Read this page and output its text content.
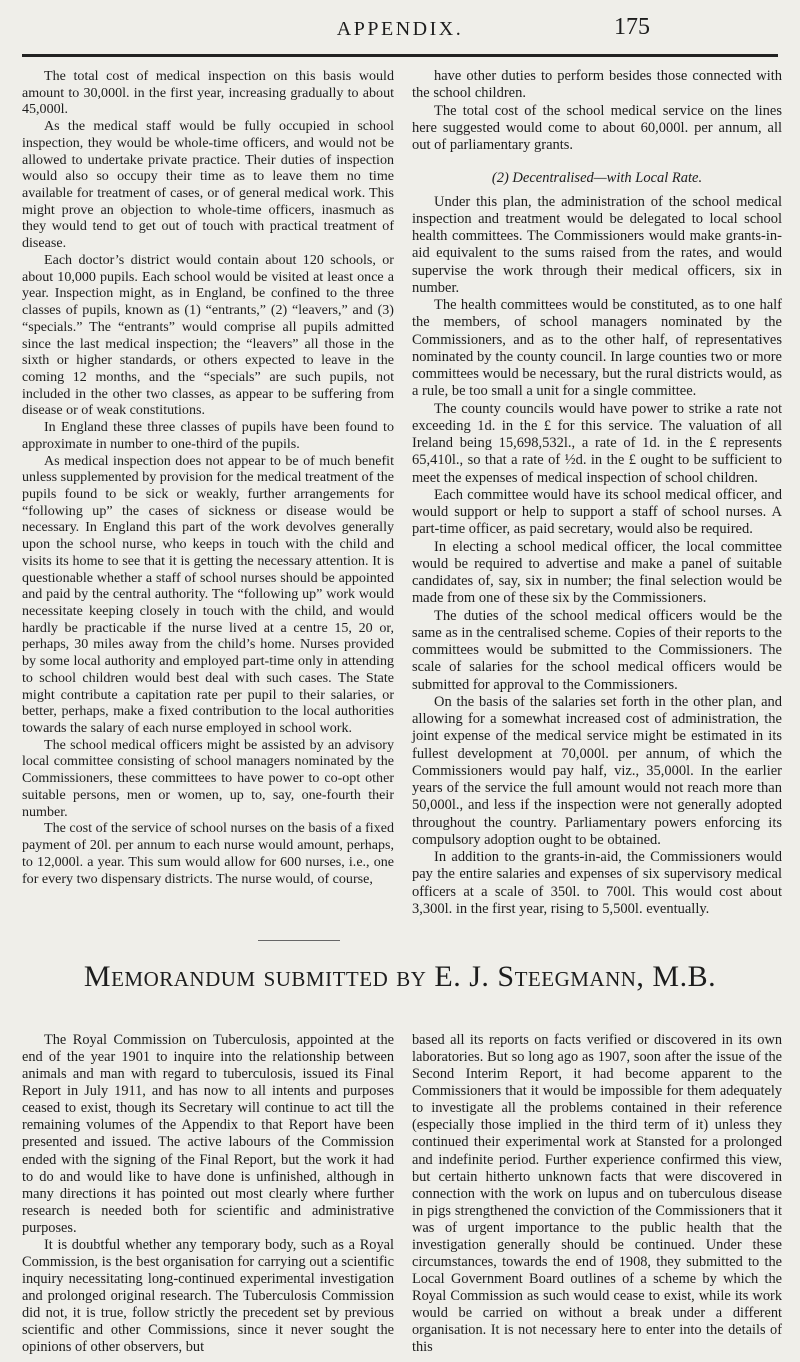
APPENDIX.	175

The total cost of medical inspection on this basis would amount to 30,000l. in the first year, increasing gradually to about 45,000l.

As the medical staff would be fully occupied in school inspection, they would be whole-time officers, and would not be allowed to undertake private practice. Their duties of inspection would also so occupy their time as to leave them no time available for treatment of cases, or of general medical work. This might prove an objection to whole-time officers, inasmuch as they would tend to get out of touch with practical treatment of disease.

Each doctor’s district would contain about 120 schools, or about 10,000 pupils. Each school would be visited at least once a year. Inspection might, as in England, be confined to the three classes of pupils, known as (1) “entrants,” (2) “leavers,” and (3) “specials.” The “entrants” would comprise all pupils admitted since the last medical inspection; the “leavers” all those in the sixth or higher standards, or others expected to leave in the coming 12 months, and the “specials” are such pupils, not included in the other two classes, as appear to be suffering from disease or of weak constitutions.

In England these three classes of pupils have been found to approximate in number to one-third of the pupils.

As medical inspection does not appear to be of much benefit unless supplemented by provision for the medical treatment of the pupils found to be sick or weakly, further arrangements for “following up” the cases of sickness or disease would be necessary. In England this part of the work devolves generally upon the school nurse, who keeps in touch with the child and visits its home to see that it is getting the necessary attention. It is questionable whether a staff of school nurses should be appointed and paid by the central authority. The “following up” work would necessitate keeping closely in touch with the child, and would hardly be practicable if the nurse lived at a centre 15, 20 or, perhaps, 30 miles away from the child’s home. Nurses provided by some local authority and employed part-time only in attending to school children would best deal with such cases. The State might contribute a capitation rate per pupil to their salaries, or better, perhaps, make a fixed contribution to the local authorities towards the salary of each nurse employed in school work.

The school medical officers might be assisted by an advisory local committee consisting of school managers nominated by the Commissioners, these committees to have power to co-opt other suitable persons, men or women, up to, say, one-fourth their number.

The cost of the service of school nurses on the basis of a fixed payment of 20l. per annum to each nurse would amount, perhaps, to 12,000l. a year. This sum would allow for 600 nurses, i.e., one for every two dispensary districts. The nurse would, of course,

have other duties to perform besides those connected with the school children.

The total cost of the school medical service on the lines here suggested would come to about 60,000l. per annum, all out of parliamentary grants.

(2) Decentralised—with Local Rate.

Under this plan, the administration of the school medical inspection and treatment would be delegated to local school health committees. The Commissioners would make grants-in-aid equivalent to the sums raised from the rates, and would supervise the work through their medical officers, six in number.

The health committees would be constituted, as to one half the members, of school managers nominated by the Commissioners, and as to the other half, of representatives nominated by the county council. In large counties two or more committees would be necessary, but the rural districts would, as a rule, be too small a unit for a single committee.

The county councils would have power to strike a rate not exceeding 1d. in the £ for this service. The valuation of all Ireland being 15,698,532l., a rate of 1d. in the £ represents 65,410l., so that a rate of ½d. in the £ ought to be sufficient to meet the expenses of medical inspection of school children.

Each committee would have its school medical officer, and would support or help to support a staff of school nurses. A part-time officer, as paid secretary, would also be required.

In electing a school medical officer, the local committee would be required to advertise and make a panel of suitable candidates of, say, six in number; the final selection would be made from one of these six by the Commissioners.

The duties of the school medical officers would be the same as in the centralised scheme. Copies of their reports to the committees would be submitted to the Commissioners. The scale of salaries for the school medical officers would be submitted for approval to the Commissioners.

On the basis of the salaries set forth in the other plan, and allowing for a somewhat increased cost of administration, the joint expense of the medical service might be estimated in its fullest development at 70,000l. per annum, of which the Commissioners would pay half, viz., 35,000l. In the earlier years of the service the full amount would not reach more than 50,000l., and less if the inspection were not generally adopted throughout the country. Parliamentary powers enforcing its compulsory adoption ought to be obtained.

In addition to the grants-in-aid, the Commissioners would pay the entire salaries and expenses of six supervisory medical officers at a scale of 350l. to 700l. This would cost about 3,300l. in the first year, rising to 5,500l. eventually.

Memorandum submitted by E. J. Steegmann, M.B.

The Royal Commission on Tuberculosis, appointed at the end of the year 1901 to inquire into the relationship between animals and man with regard to tuberculosis, issued its Final Report in July 1911, and has now to all intents and purposes ceased to exist, though its Secretary will continue to act till the remaining volumes of the Appendix to that Report have been presented and issued. The active labours of the Commission ended with the signing of the Final Report, but the work it had to do and would like to have done is unfinished, although in many directions it has pointed out most clearly where further research is needed both for scientific and administrative purposes.

It is doubtful whether any temporary body, such as a Royal Commission, is the best organisation for carrying out a scientific inquiry necessitating long-continued experimental investigation and prolonged original research. The Tuberculosis Commission did not, it is true, follow strictly the precedent set by previous scientific and other Commissions, since it never sought the opinions of other observers, but

based all its reports on facts verified or discovered in its own laboratories. But so long ago as 1907, soon after the issue of the Second Interim Report, it had become apparent to the Commissioners that it would be impossible for them adequately to investigate all the problems contained in their reference (especially those implied in the third term of it) unless they continued their experimental work at Stansted for a prolonged and indefinite period. Further experience confirmed this view, but certain hitherto unknown facts that were discovered in connection with the work on lupus and on tuberculous disease in pigs strengthened the conviction of the Commissioners that it was of urgent importance to the public health that the investigation generally should be continued. Under these circumstances, towards the end of 1908, they submitted to the Local Government Board outlines of a scheme by which the Royal Commission as such would cease to exist, while its work would be carried on without a break under a different organisation. It is not necessary here to enter into the details of this
